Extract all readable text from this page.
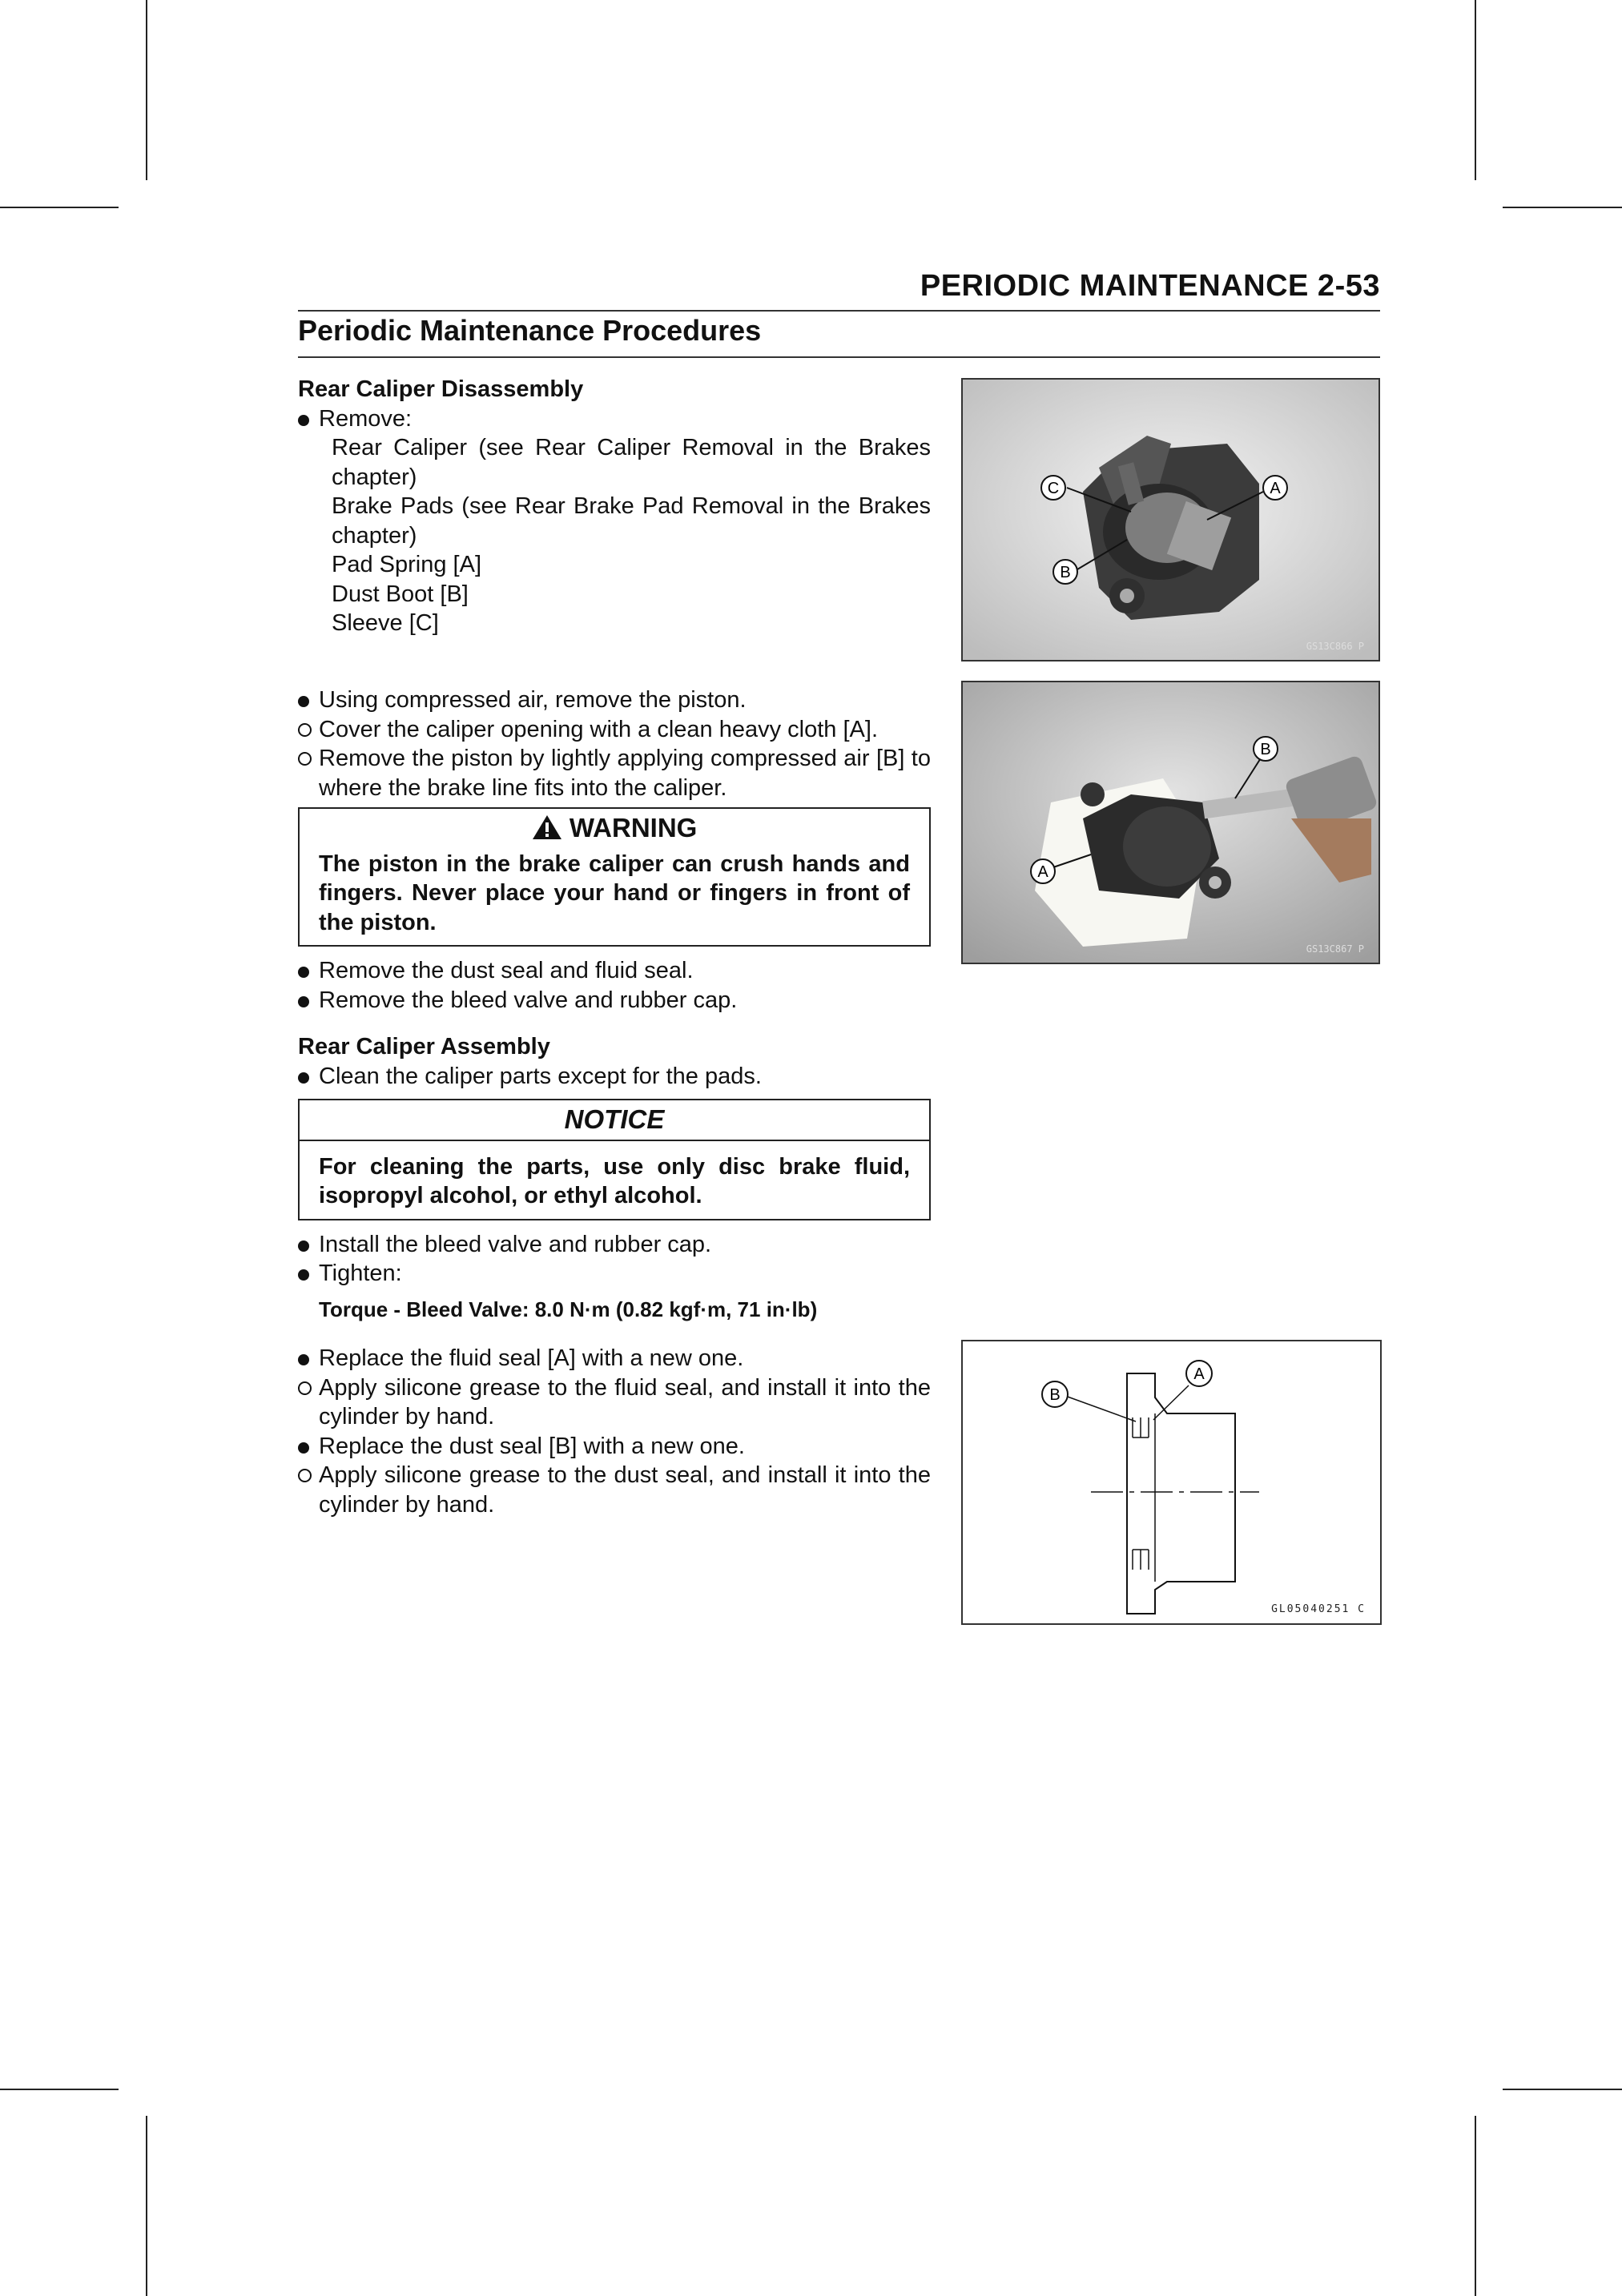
PERIODIC MAINTENANCE 2-53
Periodic Maintenance Procedures
Rear Caliper Disassembly
Remove:
Rear Caliper (see Rear Caliper Removal in the Brakes chapter)
Brake Pads (see Rear Brake Pad Removal in the Brakes chapter)
Pad Spring [A]
Dust Boot [B]
Sleeve [C]
Using compressed air, remove the piston.
Cover the caliper opening with a clean heavy cloth [A].
Remove the piston by lightly applying compressed air [B] to where the brake line fits into the caliper.
WARNING
The piston in the brake caliper can crush hands and fingers. Never place your hand or fingers in front of the piston.
Remove the dust seal and fluid seal.
Remove the bleed valve and rubber cap.
Rear Caliper Assembly
Clean the caliper parts except for the pads.
NOTICE
For cleaning the parts, use only disc brake fluid, isopropyl alcohol, or ethyl alcohol.
Install the bleed valve and rubber cap.
Tighten:
Torque - Bleed Valve: 8.0 N·m (0.82 kgf·m, 71 in·lb)
Replace the fluid seal [A] with a new one.
Apply silicone grease to the fluid seal, and install it into the cylinder by hand.
Replace the dust seal [B] with a new one.
Apply silicone grease to the dust seal, and install it into the cylinder by hand.
C	A
B
GS13C866 P
B
A
GS13C867 P
A
B
GL05040251 C
